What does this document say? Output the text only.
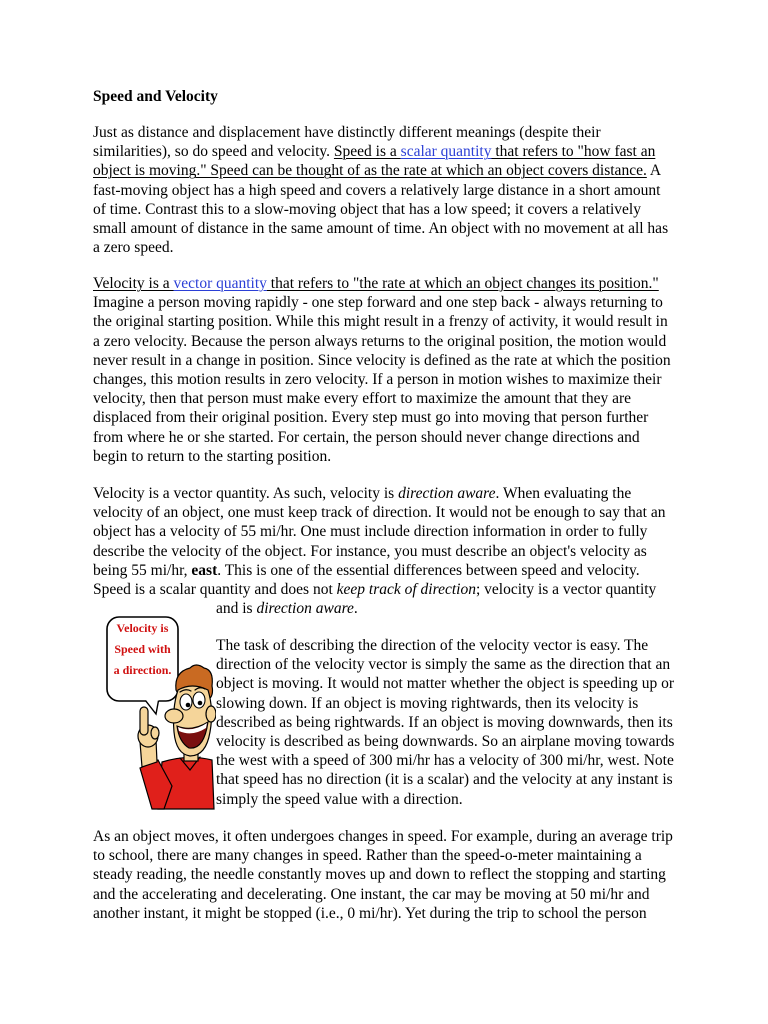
Speed and Velocity
Just as distance and displacement have distinctly different meanings (despite their
similarities), so do speed and velocity. Speed is a scalar quantity that refers to "how fast an
object is moving." Speed can be thought of as the rate at which an object covers distance. A
fast-moving object has a high speed and covers a relatively large distance in a short amount
of time. Contrast this to a slow-moving object that has a low speed; it covers a relatively
small amount of distance in the same amount of time. An object with no movement at all has
a zero speed.
Velocity is a vector quantity that refers to "the rate at which an object changes its position."
Imagine a person moving rapidly - one step forward and one step back - always returning to
the original starting position. While this might result in a frenzy of activity, it would result in
a zero velocity. Because the person always returns to the original position, the motion would
never result in a change in position. Since velocity is defined as the rate at which the position
changes, this motion results in zero velocity. If a person in motion wishes to maximize their
velocity, then that person must make every effort to maximize the amount that they are
displaced from their original position. Every step must go into moving that person further
from where he or she started. For certain, the person should never change directions and
begin to return to the starting position.
Velocity is a vector quantity. As such, velocity is direction aware. When evaluating the
velocity of an object, one must keep track of direction. It would not be enough to say that an
object has a velocity of 55 mi/hr. One must include direction information in order to fully
describe the velocity of the object. For instance, you must describe an object's velocity as
being 55 mi/hr, east. This is one of the essential differences between speed and velocity.
Speed is a scalar quantity and does not keep track of direction; velocity is a vector quantity
and is direction aware.
Velocity is
Speed with
a direction.
The task of describing the direction of the velocity vector is easy. The
direction of the velocity vector is simply the same as the direction that an
object is moving. It would not matter whether the object is speeding up or
slowing down. If an object is moving rightwards, then its velocity is
described as being rightwards. If an object is moving downwards, then its
velocity is described as being downwards. So an airplane moving towards
the west with a speed of 300 mi/hr has a velocity of 300 mi/hr, west. Note
that speed has no direction (it is a scalar) and the velocity at any instant is
simply the speed value with a direction.
As an object moves, it often undergoes changes in speed. For example, during an average trip
to school, there are many changes in speed. Rather than the speed-o-meter maintaining a
steady reading, the needle constantly moves up and down to reflect the stopping and starting
and the accelerating and decelerating. One instant, the car may be moving at 50 mi/hr and
another instant, it might be stopped (i.e., 0 mi/hr). Yet during the trip to school the person
